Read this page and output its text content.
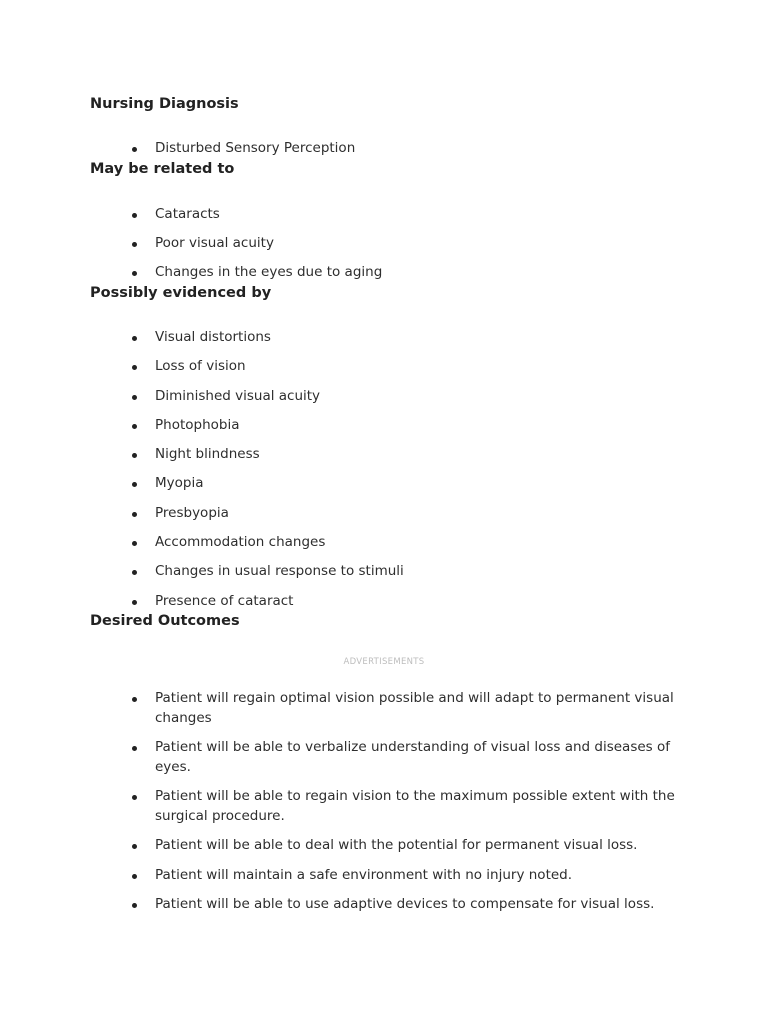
Nursing Diagnosis
Disturbed Sensory Perception
May be related to
Cataracts
Poor visual acuity
Changes in the eyes due to aging
Possibly evidenced by
Visual distortions
Loss of vision
Diminished visual acuity
Photophobia
Night blindness
Myopia
Presbyopia
Accommodation changes
Changes in usual response to stimuli
Presence of cataract
Desired Outcomes
ADVERTISEMENTS
Patient will regain optimal vision possible and will adapt to permanent visual changes
Patient will be able to verbalize understanding of visual loss and diseases of eyes.
Patient will be able to regain vision to the maximum possible extent with the surgical procedure.
Patient will be able to deal with the potential for permanent visual loss.
Patient will maintain a safe environment with no injury noted.
Patient will be able to use adaptive devices to compensate for visual loss.
